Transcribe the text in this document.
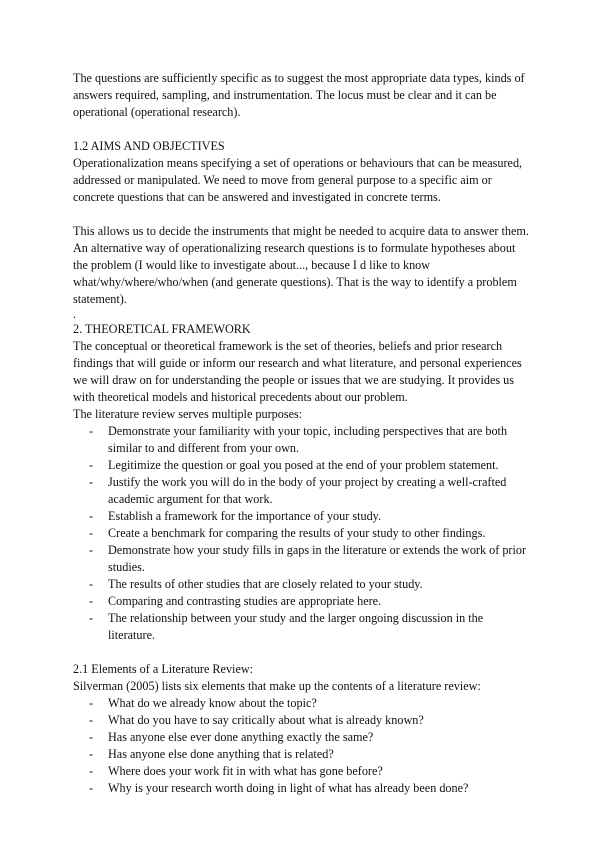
The questions are sufficiently specific as to suggest the most appropriate data types, kinds of answers required, sampling, and instrumentation. The locus must be clear and it can be operational (operational research).

1.2 AIMS AND OBJECTIVES

Operationalization means specifying a set of operations or behaviours that can be measured, addressed or manipulated. We need to move from general purpose to a specific aim or concrete questions that can be answered and investigated in concrete terms.

This allows us to decide the instruments that might be needed to acquire data to answer them. An alternative way of operationalizing research questions is to formulate hypotheses about the problem (I would like to investigate about..., because I d like to know what/why/where/who/when (and generate questions). That is the way to identify a problem statement).

.

2. THEORETICAL FRAMEWORK

The conceptual or theoretical framework is the set of theories, beliefs and prior research findings that will guide or inform our research and what literature, and personal experiences we will draw on for understanding the people or issues that we are studying. It provides us with theoretical models and historical precedents about our problem.

The literature review serves multiple purposes:

- Demonstrate your familiarity with your topic, including perspectives that are both similar to and different from your own.
- Legitimize the question or goal you posed at the end of your problem statement.
- Justify the work you will do in the body of your project by creating a well-crafted academic argument for that work.
- Establish a framework for the importance of your study.
- Create a benchmark for comparing the results of your study to other findings.
- Demonstrate how your study fills in gaps in the literature or extends the work of prior studies.
- The results of other studies that are closely related to your study.
- Comparing and contrasting studies are appropriate here.
- The relationship between your study and the larger ongoing discussion in the literature.

2.1 Elements of a Literature Review:

Silverman (2005) lists six elements that make up the contents of a literature review:

- What do we already know about the topic?
- What do you have to say critically about what is already known?
- Has anyone else ever done anything exactly the same?
- Has anyone else done anything that is related?
- Where does your work fit in with what has gone before?
- Why is your research worth doing in light of what has already been done?
